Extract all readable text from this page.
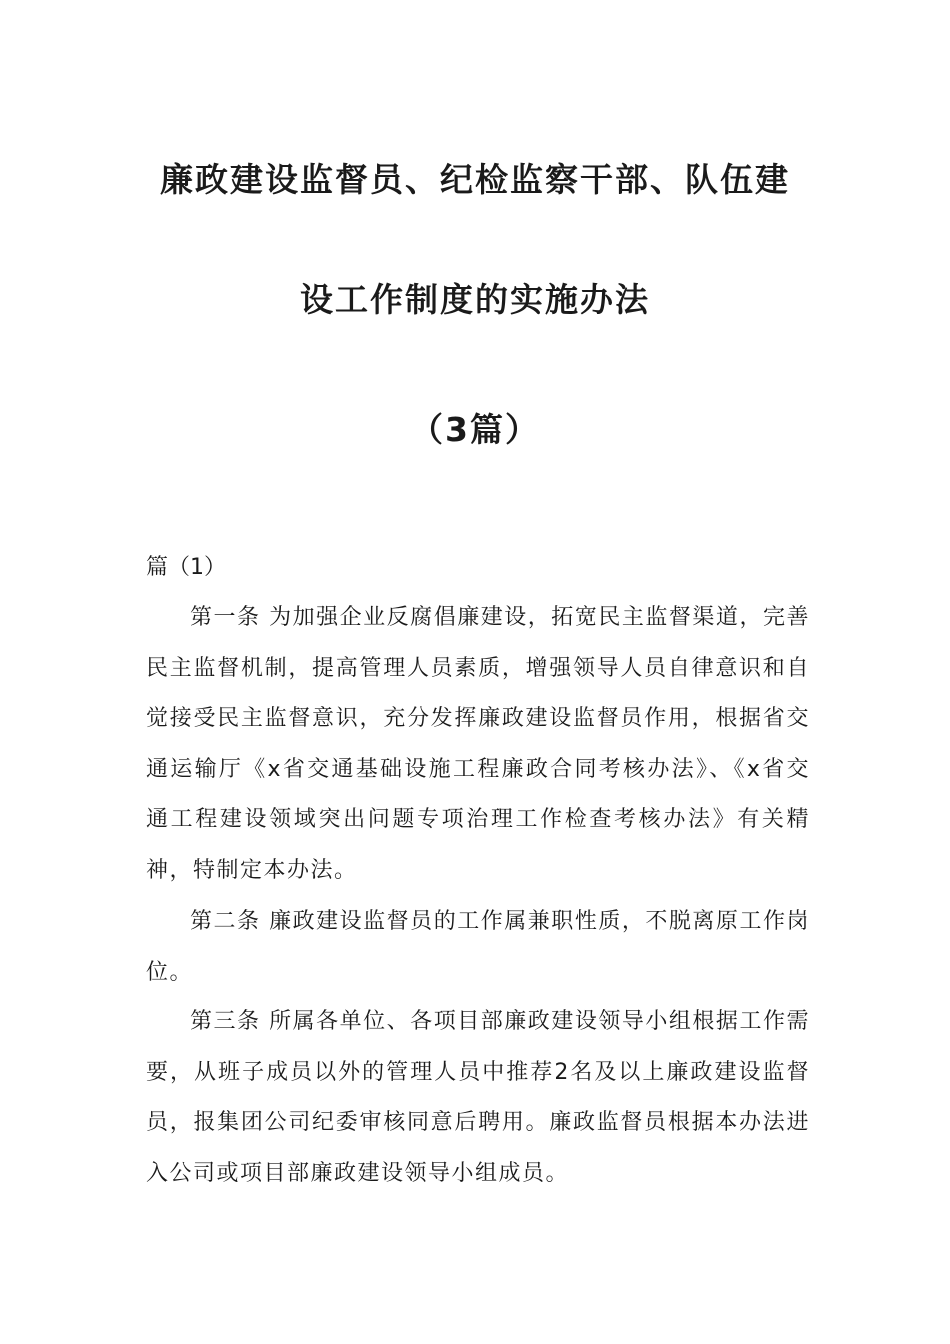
廉政建设监督员、纪检监察干部、队伍建
设工作制度的实施办法
（3篇）

篇（1）

第一条 为加强企业反腐倡廉建设，拓宽民主监督渠道，完善民主监督机制，提高管理人员素质，增强领导人员自律意识和自觉接受民主监督意识，充分发挥廉政建设监督员作用，根据省交通运输厅《x省交通基础设施工程廉政合同考核办法》、《x省交通工程建设领域突出问题专项治理工作检查考核办法》有关精神，特制定本办法。

第二条 廉政建设监督员的工作属兼职性质，不脱离原工作岗位。

第三条 所属各单位、各项目部廉政建设领导小组根据工作需要，从班子成员以外的管理人员中推荐2名及以上廉政建设监督员，报集团公司纪委审核同意后聘用。廉政监督员根据本办法进入公司或项目部廉政建设领导小组成员。
